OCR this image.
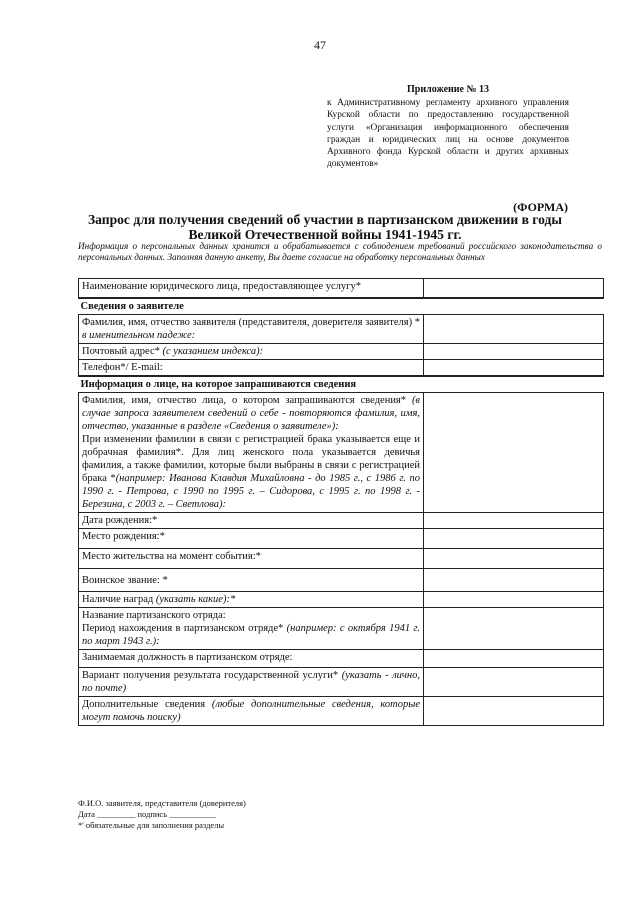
47
Приложение № 13
к Административному регламенту архивного управления Курской области по предоставлению государственной услуги «Организация информационного обеспечения граждан и юридических лиц на основе документов Архивного фонда Курской области и других архивных документов»
(ФОРМА)
Запрос для получения сведений об участии в партизанском движении в годы
Великой Отечественной войны 1941-1945 гг.
Информация о персональных данных хранится и обрабатывается с соблюдением требований российского законодательства о персональных данных. Заполняя данную анкету, Вы даете согласие на обработку персональных данных
Наименование юридического лица, предоставляющее услугу*	
Сведения о заявителе	
Фамилия, имя, отчество заявителя (представителя, доверителя заявителя) * в именительном падеже:	
Почтовый адрес* (с указанием индекса):	
Телефон*/ E-mail:	
Информация о лице, на которое запрашиваются сведения	
Фамилия, имя, отчество лица, о котором запрашиваются сведения* (в случае запроса заявителем сведений о себе - повторяются фамилия, имя, отчество, указанные в разделе «Сведения о заявителе»):
При изменении фамилии в связи с регистрацией брака указывается еще и добрачная фамилия*. Для лиц женского пола указывается девичья фамилия, а также фамилии, которые были выбраны в связи с регистрацией брака *(например: Иванова Клавдия Михайловна - до 1985 г., с 1986 г. по 1990 г. - Петрова, с 1990 по 1995 г. – Сидорова, с 1995 г. по 1998 г. - Березина, с 2003 г. – Светлова):	
Дата рождения:*	
Место рождения:*	
Место жительства на момент события:*	
Воинское звание: *	
Наличие наград (указать какие):*	
Название партизанского отряда:
Период нахождения в партизанском отряде* (например: с октября 1941 г. по март 1943 г.):	
Занимаемая должность в партизанском отряде:	
Вариант получения результата государственной услуги* (указать - лично, по почте)	
Дополнительные сведения (любые дополнительные сведения, которые могут помочь поиску)	
Ф.И.О. заявителя, представителя (доверителя)
Дата _________ подпись ___________
*' обязательные для заполнения разделы
